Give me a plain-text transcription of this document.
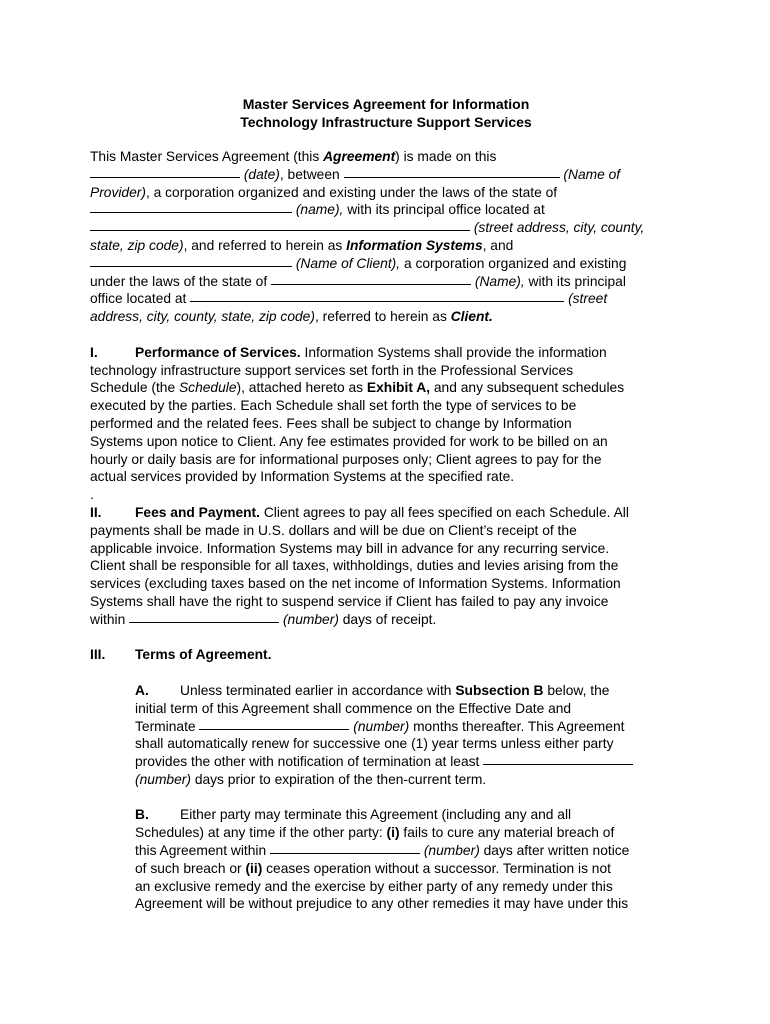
Master Services Agreement for Information
Technology Infrastructure Support Services
This Master Services Agreement (this Agreement) is made on this
(date), between	(Name of
Provider), a corporation organized and existing under the laws of the state of
(name), with its principal office located at
(street address, city, county,
state, zip code), and referred to herein as Information Systems, and
(Name of Client), a corporation organized and existing
under the laws of the state of	(Name), with its principal
office located at	(street
address, city, county, state, zip code), referred to herein as Client.
I.	Performance of Services. Information Systems shall provide the information
technology infrastructure support services set forth in the Professional Services
Schedule (the Schedule), attached hereto as Exhibit A, and any subsequent schedules
executed by the parties. Each Schedule shall set forth the type of services to be
performed and the related fees. Fees shall be subject to change by Information
Systems upon notice to Client. Any fee estimates provided for work to be billed on an
hourly or daily basis are for informational purposes only; Client agrees to pay for the
actual services provided by Information Systems at the specified rate.
.
II. Fees and Payment. Client agrees to pay all fees specified on each Schedule. All
payments shall be made in U.S. dollars and will be due on Client’s receipt of the
applicable invoice. Information Systems may bill in advance for any recurring service.
Client shall be responsible for all taxes, withholdings, duties and levies arising from the
services (excluding taxes based on the net income of Information Systems. Information
Systems shall have the right to suspend service if Client has failed to pay any invoice
within	(number) days of receipt.
III. Terms of Agreement.
A. Unless terminated earlier in accordance with Subsection B below, the
initial term of this Agreement shall commence on the Effective Date and
Terminate	(number) months thereafter. This Agreement
shall automatically renew for successive one (1) year terms unless either party
provides the other with notification of termination at least
(number) days prior to expiration of the then-current term.
B. Either party may terminate this Agreement (including any and all
Schedules) at any time if the other party: (i) fails to cure any material breach of
this Agreement within	(number) days after written notice
of such breach or (ii) ceases operation without a successor. Termination is not
an exclusive remedy and the exercise by either party of any remedy under this
Agreement will be without prejudice to any other remedies it may have under this
